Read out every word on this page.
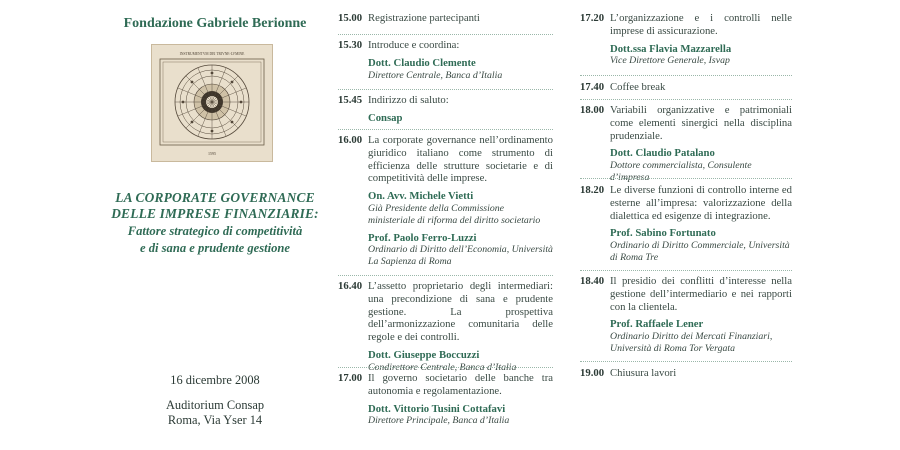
Fondazione Gabriele Berionne
INSTRUMENTVM DEI TRIVNE-LVMINE
1595
LA CORPORATE GOVERNANCE
DELLE IMPRESE FINANZIARIE:
Fattore strategico di competitività
e di sana e prudente gestione
16 dicembre 2008
Auditorium Consap
Roma, Via Yser 14
15.00 Registrazione partecipanti
15.30 Introduce e coordina:
Dott. Claudio Clemente
Direttore Centrale, Banca d’Italia
15.45 Indirizzo di saluto:
Consap
16.00 La corporate governance nell’ordinamento giuridico italiano come strumento di efficienza delle strutture societarie e di competitività delle imprese.
On. Avv. Michele Vietti
Già Presidente della Commissione ministeriale di riforma del diritto societario
Prof. Paolo Ferro-Luzzi
Ordinario di Diritto dell’Economia, Università La Sapienza di Roma
16.40 L’assetto proprietario degli intermediari: una precondizione di sana e prudente gestione. La prospettiva dell’armonizzazione comunitaria delle regole e dei controlli.
Dott. Giuseppe Boccuzzi
Condirettore Centrale, Banca d’Italia
17.00 Il governo societario delle banche tra autonomia e regolamentazione.
Dott. Vittorio Tusini Cottafavi
Direttore Principale, Banca d’Italia
17.20 L’organizzazione e i controlli nelle imprese di assicurazione.
Dott.ssa Flavia Mazzarella
Vice Direttore Generale, Isvap
17.40 Coffee break
18.00 Variabili organizzative e patrimoniali come elementi sinergici nella disciplina prudenziale.
Dott. Claudio Patalano
Dottore commercialista, Consulente d’impresa
18.20 Le diverse funzioni di controllo interne ed esterne all’impresa: valorizzazione della dialettica ed esigenze di integrazione.
Prof. Sabino Fortunato
Ordinario di Diritto Commerciale, Università di Roma Tre
18.40 Il presidio dei conflitti d’interesse nella gestione dell’intermediario e nei rapporti con la clientela.
Prof. Raffaele Lener
Ordinario Diritto dei Mercati Finanziari, Università di Roma Tor Vergata
19.00 Chiusura lavori
